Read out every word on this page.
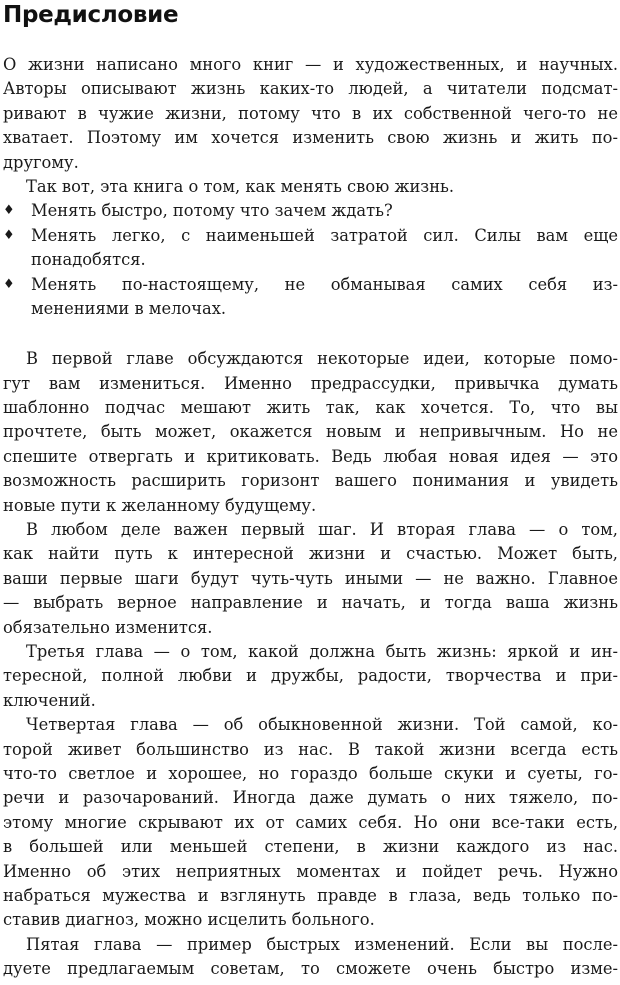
Предисловие
О жизни написано много книг — и художественных, и научных.
Авторы описывают жизнь каких-то людей, а читатели подсмат-
ривают в чужие жизни, потому что в их собственной чего-то не
хватает. Поэтому им хочется изменить свою жизнь и жить по-
другому.
Так вот, эта книга о том, как менять свою жизнь.
♦ Менять быстро, потому что зачем ждать?
♦ Менять легко, с наименьшей затратой сил. Силы вам еще
понадобятся.
♦ Менять по-настоящему, не обманывая самих себя из-
менениями в мелочах.
В первой главе обсуждаются некоторые идеи, которые помо-
гут вам измениться. Именно предрассудки, привычка думать
шаблонно подчас мешают жить так, как хочется. То, что вы
прочтете, быть может, окажется новым и непривычным. Но не
спешите отвергать и критиковать. Ведь любая новая идея — это
возможность расширить горизонт вашего понимания и увидеть
новые пути к желанному будущему.
В любом деле важен первый шаг. И вторая глава — о том,
как найти путь к интересной жизни и счастью. Может быть,
ваши первые шаги будут чуть-чуть иными — не важно. Главное
— выбрать верное направление и начать, и тогда ваша жизнь
обязательно изменится.
Третья глава — о том, какой должна быть жизнь: яркой и ин-
тересной, полной любви и дружбы, радости, творчества и при-
ключений.
Четвертая глава — об обыкновенной жизни. Той самой, ко-
торой живет большинство из нас. В такой жизни всегда есть
что-то светлое и хорошее, но гораздо больше скуки и суеты, го-
речи и разочарований. Иногда даже думать о них тяжело, по-
этому многие скрывают их от самих себя. Но они все-таки есть,
в большей или меньшей степени, в жизни каждого из нас.
Именно об этих неприятных моментах и пойдет речь. Нужно
набраться мужества и взглянуть правде в глаза, ведь только по-
ставив диагноз, можно исцелить больного.
Пятая глава — пример быстрых изменений. Если вы после-
дуете предлагаемым советам, то сможете очень быстро изме-
